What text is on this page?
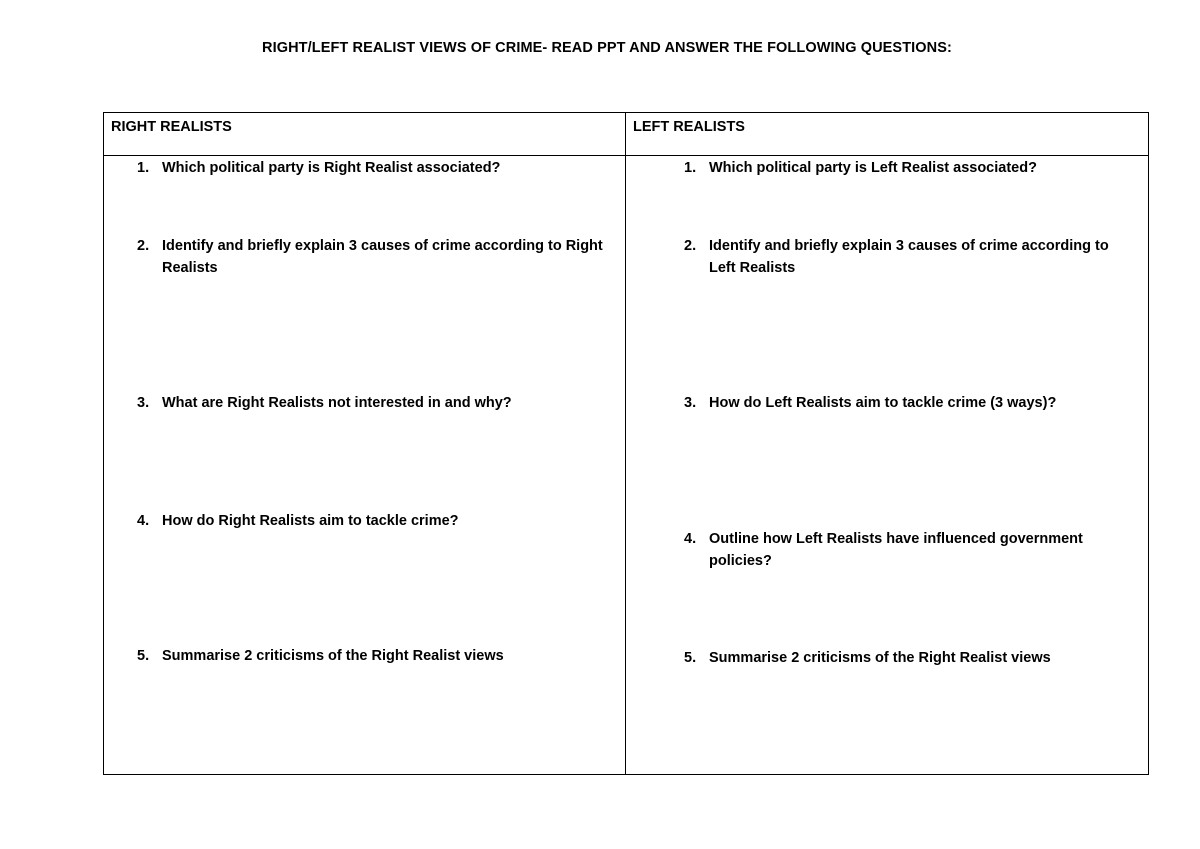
RIGHT/LEFT REALIST VIEWS OF CRIME- READ PPT AND ANSWER THE FOLLOWING QUESTIONS:
RIGHT REALISTS
1. Which political party is Right Realist associated?
2. Identify and briefly explain 3 causes of crime according to Right Realists
3. What are Right Realists not interested in and why?
4. How do Right Realists aim to tackle crime?
5. Summarise 2 criticisms of the Right Realist views
LEFT REALISTS
1. Which political party is Left Realist associated?
2. Identify and briefly explain 3 causes of crime according to Left Realists
3. How do Left Realists aim to tackle crime (3 ways)?
4. Outline how Left Realists have influenced government policies?
5. Summarise 2 criticisms of the Right Realist views
